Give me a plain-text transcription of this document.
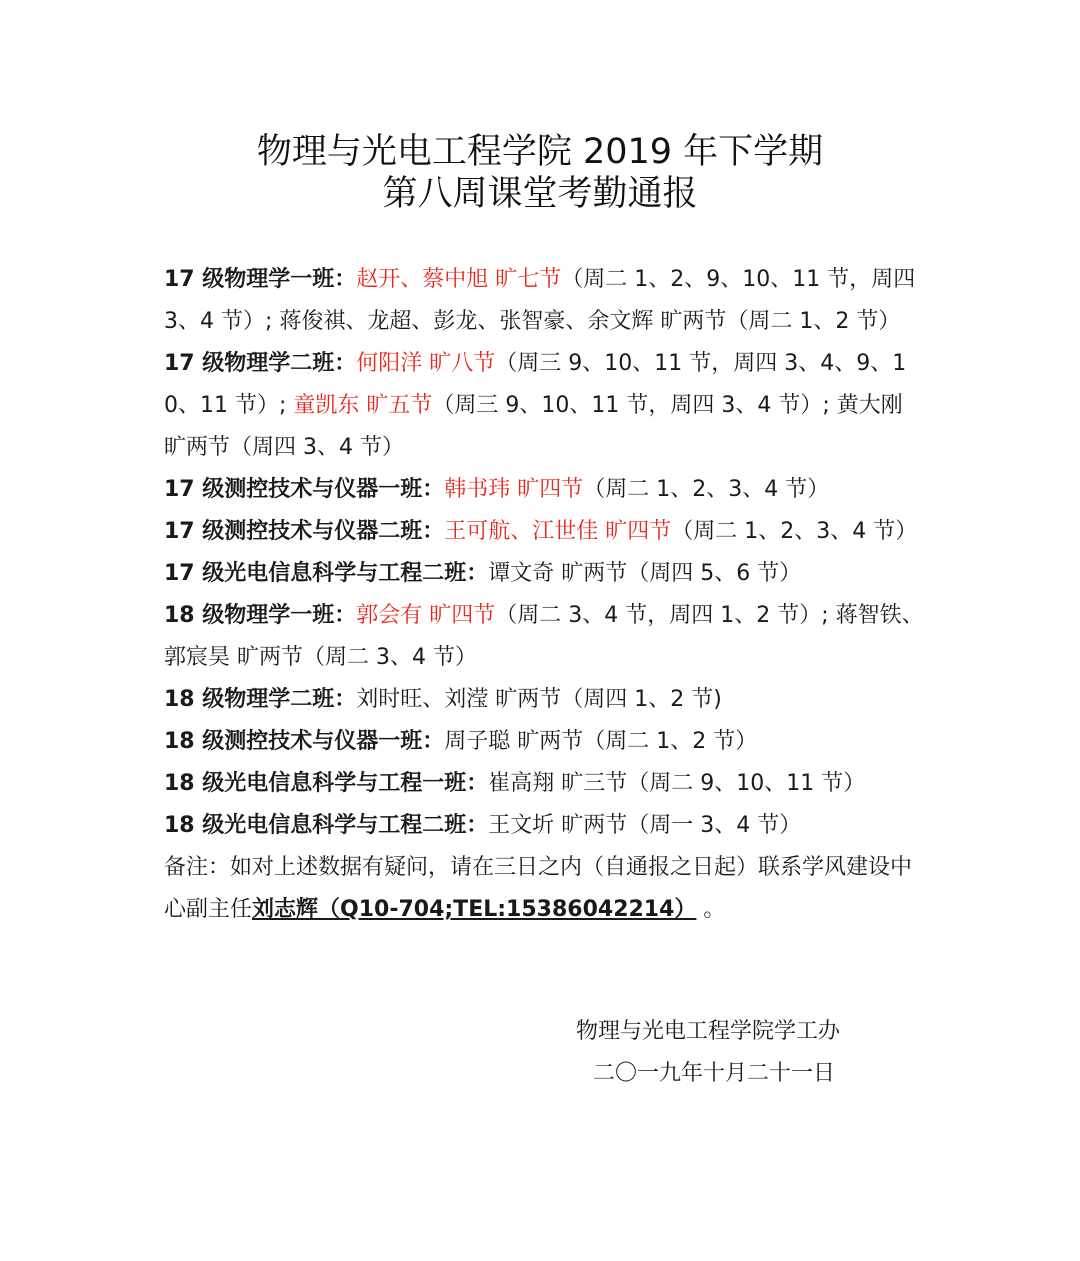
物理与光电工程学院 2019 年下学期
第八周课堂考勤通报

17 级物理学一班：赵开、蔡中旭 旷七节（周二 1、2、9、10、11 节，周四 3、4 节）; 蒋俊祺、龙超、彭龙、张智豪、余文辉 旷两节（周二 1、2 节）

17 级物理学二班：何阳洋 旷八节（周三 9、10、11 节，周四 3、4、9、10、11 节）; 童凯东 旷五节（周三 9、10、11 节，周四 3、4 节）; 黄大刚 旷两节（周四 3、4 节）

17 级测控技术与仪器一班：韩书玮 旷四节（周二 1、2、3、4 节）

17 级测控技术与仪器二班：王可航、江世佳 旷四节（周二 1、2、3、4 节）

17 级光电信息科学与工程二班：谭文奇 旷两节（周四 5、6 节）

18 级物理学一班：郭会有 旷四节（周二 3、4 节，周四 1、2 节）; 蒋智铁、郭宸昊 旷两节（周二 3、4 节）

18 级物理学二班：刘时旺、刘滢 旷两节（周四 1、2 节)

18 级测控技术与仪器一班：周子聪 旷两节（周二 1、2 节）

18 级光电信息科学与工程一班：崔高翔 旷三节（周二 9、10、11 节）

18 级光电信息科学与工程二班：王文圻 旷两节（周一 3、4 节）

备注：如对上述数据有疑问，请在三日之内（自通报之日起）联系学风建设中心副主任刘志辉（Q10-704;TEL:15386042214） 。

物理与光电工程学院学工办
二〇一九年十月二十一日
